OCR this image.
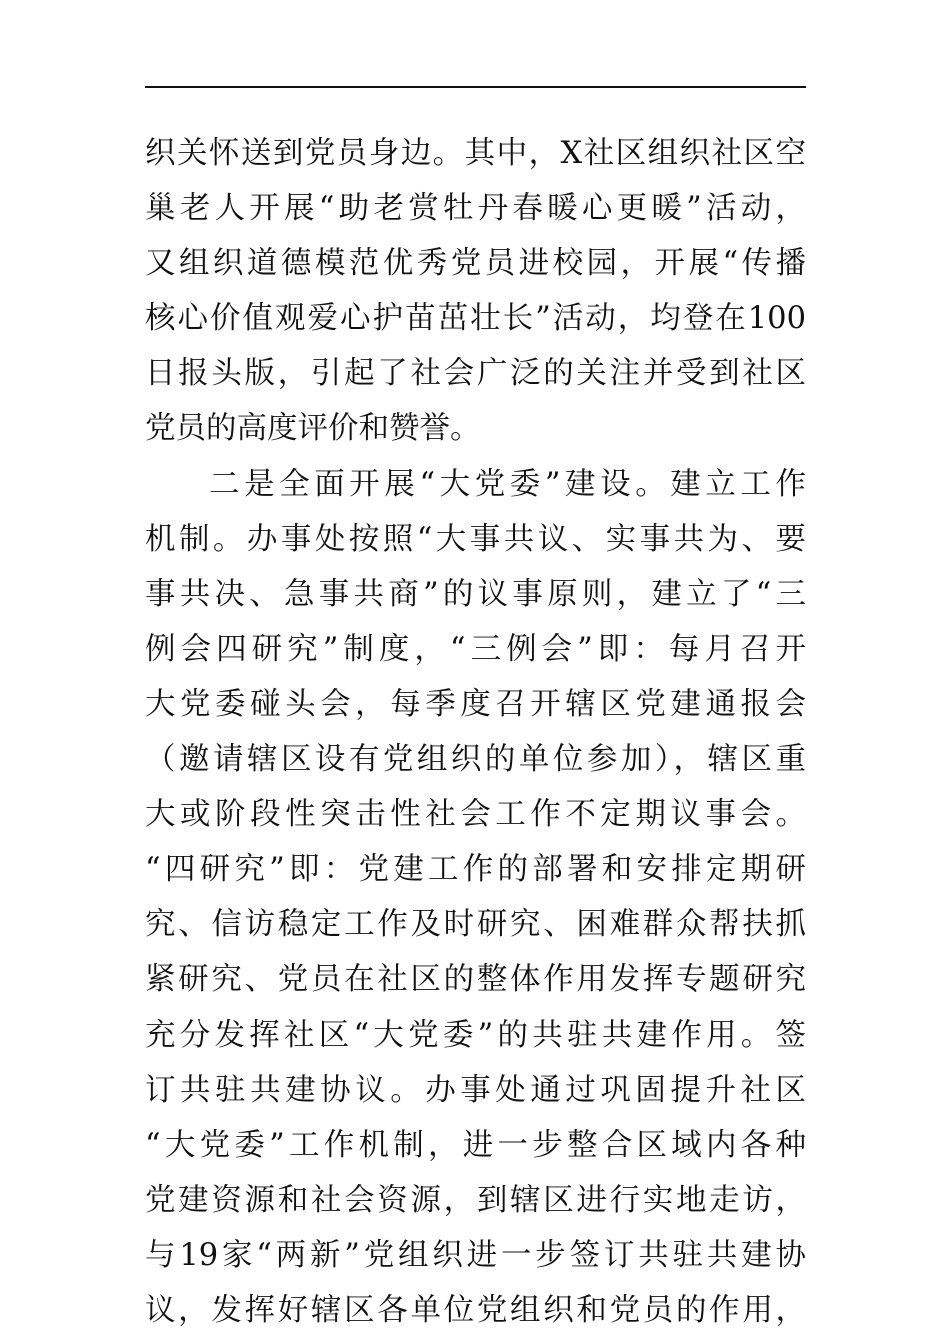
织关怀送到党员身边。其中，X社区组织社区空
巢老人开展“助老赏牡丹春暖心更暖”活动，
又组织道德模范优秀党员进校园，开展“传播
核心价值观爱心护苗茁壮长”活动，均登在100
日报头版，引起了社会广泛的关注并受到社区
党员的高度评价和赞誉。
二是全面开展“大党委”建设。建立工作
机制。办事处按照“大事共议、实事共为、要
事共决、急事共商”的议事原则，建立了“三
例会四研究”制度，“三例会”即：每月召开
大党委碰头会，每季度召开辖区党建通报会
（邀请辖区设有党组织的单位参加），辖区重
大或阶段性突击性社会工作不定期议事会。
“四研究”即：党建工作的部署和安排定期研
究、信访稳定工作及时研究、困难群众帮扶抓
紧研究、党员在社区的整体作用发挥专题研究
充分发挥社区“大党委”的共驻共建作用。签
订共驻共建协议。办事处通过巩固提升社区
“大党委”工作机制，进一步整合区域内各种
党建资源和社会资源，到辖区进行实地走访，
与19家“两新”党组织进一步签订共驻共建协
议，发挥好辖区各单位党组织和党员的作用，
